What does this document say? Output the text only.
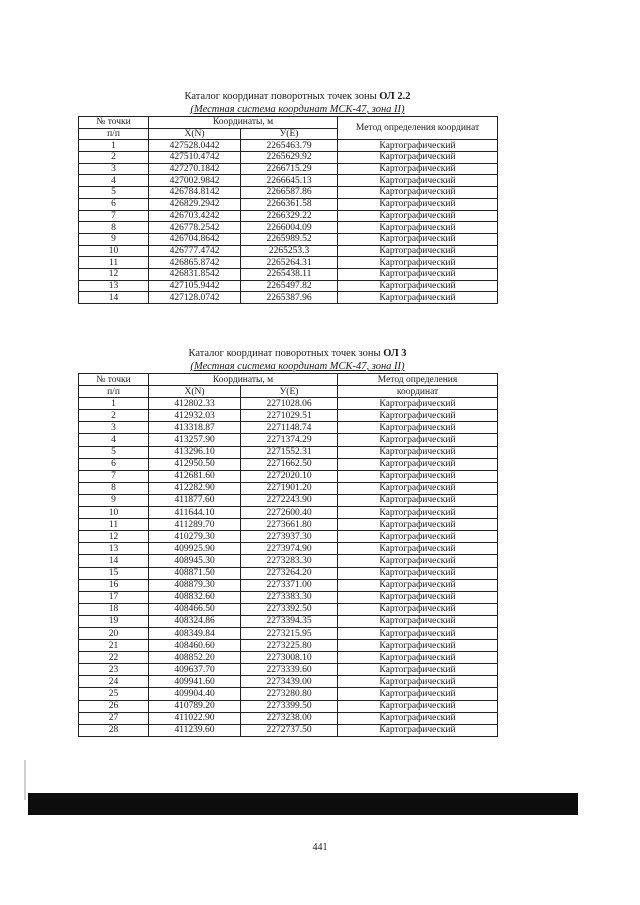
Каталог координат поворотных точек зоны ОЛ 2.2
(Местная система координат МСК-47, зона II)
№ точки	Координаты, м		Метод определения координат
п/п	X(N)	У(E)	
1	427528.0442	2265463.79	Картографический
2	427510.4742	2265629.92	Картографический
3	427270.1842	2266715.29	Картографический
4	427002.9842	2266645.13	Картографический
5	426784.8142	2266587.86	Картографический
6	426829.2942	2266361.58	Картографический
7	426703.4242	2266329.22	Картографический
8	426778.2542	2266004.09	Картографический
9	426704.8642	2265989.52	Картографический
10	426777.4742	2265253.3	Картографический
11	426865.8742	2265264.31	Картографический
12	426831.8542	2265438.11	Картографический
13	427105.9442	2265497.82	Картографический
14	427128.0742	2265387.96	Картографический
Каталог координат поворотных точек зоны ОЛ 3
(Местная система координат МСК-47, зона II)
№ точки	Координаты, м		Метод определения
п/п	X(N)	У(E)	координат
1	412802.33	2271028.06	Картографический
2	412932.03	2271029.51	Картографический
3	413318.87	2271148.74	Картографический
4	413257.90	2271374.29	Картографический
5	413296.10	2271552.31	Картографический
6	412950.50	2271662.50	Картографический
7	412681.60	2272020.10	Картографический
8	412282.90	2271901.20	Картографический
9	411877.60	2272243.90	Картографический
10	411644.10	2272600.40	Картографический
11	411289.70	2273661.80	Картографический
12	410279.30	2273937.30	Картографический
13	409925.90	2273974.90	Картографический
14	408945.30	2273283.30	Картографический
15	408871.50	2273264.20	Картографический
16	408879.30	2273371.00	Картографический
17	408832.60	2273383.30	Картографический
18	408466.50	2273392.50	Картографический
19	408324.86	2273394.35	Картографический
20	408349.84	2273215.95	Картографический
21	408460.60	2273225.80	Картографический
22	408852.20	2273008.10	Картографический
23	409637.70	2273339.60	Картографический
24	409941.60	2273439.00	Картографический
25	409904.40	2273280.80	Картографический
26	410789.20	2273399.50	Картографический
27	411022.90	2273238.00	Картографический
28	411239.60	2272737.50	Картографический
441
